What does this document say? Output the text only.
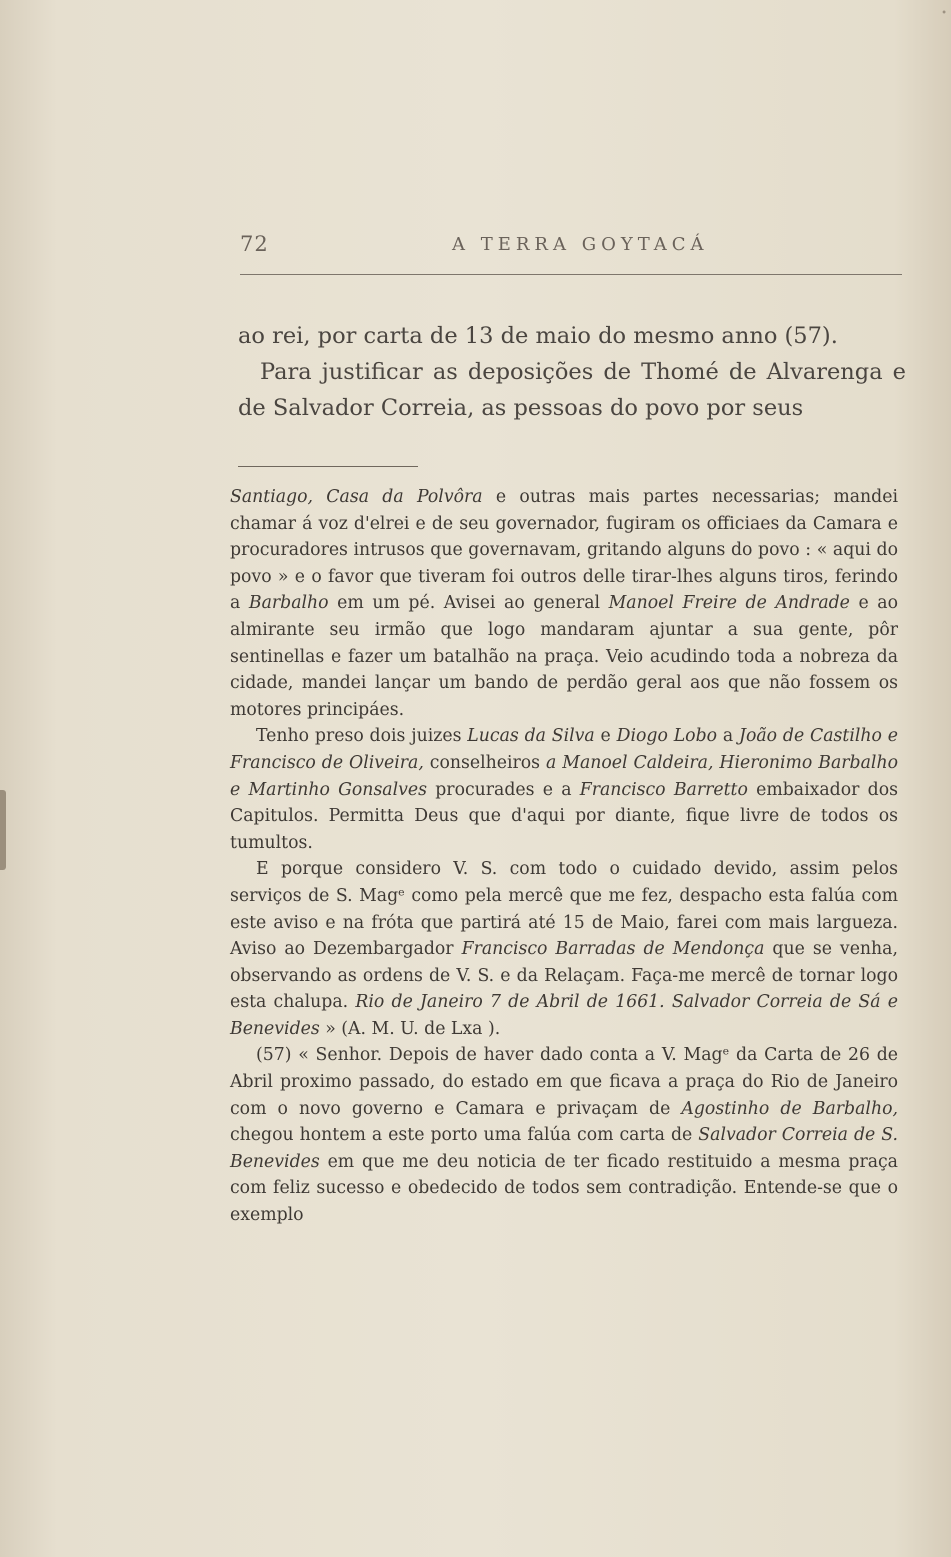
•
72	A TERRA GOYTACÁ

ao rei, por carta de 13 de maio do mesmo anno (57).

Para justificar as deposições de Thomé de Alvarenga e de Salvador Correia, as pessoas do povo por seus

Santiago, Casa da Polvôra e outras mais partes necessarias; mandei chamar á voz d'elrei e de seu governador, fugiram os officiaes da Camara e procuradores intrusos que governavam, gritando alguns do povo : « aqui do povo » e o favor que tiveram foi outros delle tirar-lhes alguns tiros, ferindo a Barbalho em um pé. Avisei ao general Manoel Freire de Andrade e ao almirante seu irmão que logo mandaram ajuntar a sua gente, pôr sentinellas e fazer um batalhão na praça. Veio acudindo toda a nobreza da cidade, mandei lançar um bando de perdão geral aos que não fossem os motores principáes.

Tenho preso dois juizes Lucas da Silva e Diogo Lobo a João de Castilho e Francisco de Oliveira, conselheiros a Manoel Caldeira, Hieronimo Barbalho e Martinho Gonsalves procurades e a Francisco Barretto embaixador dos Capitulos. Permitta Deus que d'aqui por diante, fique livre de todos os tumultos.

E porque considero V. S. com todo o cuidado devido, assim pelos serviços de S. Magᵉ como pela mercê que me fez, despacho esta falúa com este aviso e na fróta que partirá até 15 de Maio, farei com mais largueza. Aviso ao Dezembargador Francisco Barradas de Mendonça que se venha, observando as ordens de V. S. e da Relaçam. Faça-me mercê de tornar logo esta chalupa. Rio de Janeiro 7 de Abril de 1661. Salvador Correia de Sá e Benevides » (A. M. U. de Lxa ).

(57) « Senhor. Depois de haver dado conta a V. Magᵉ da Carta de 26 de Abril proximo passado, do estado em que ficava a praça do Rio de Janeiro com o novo governo e Camara e privaçam de Agostinho de Barbalho, chegou hontem a este porto uma falúa com carta de Salvador Correia de S. Benevides em que me deu noticia de ter ficado restituido a mesma praça com feliz sucesso e obedecido de todos sem contradição. Entende-se que o exemplo
